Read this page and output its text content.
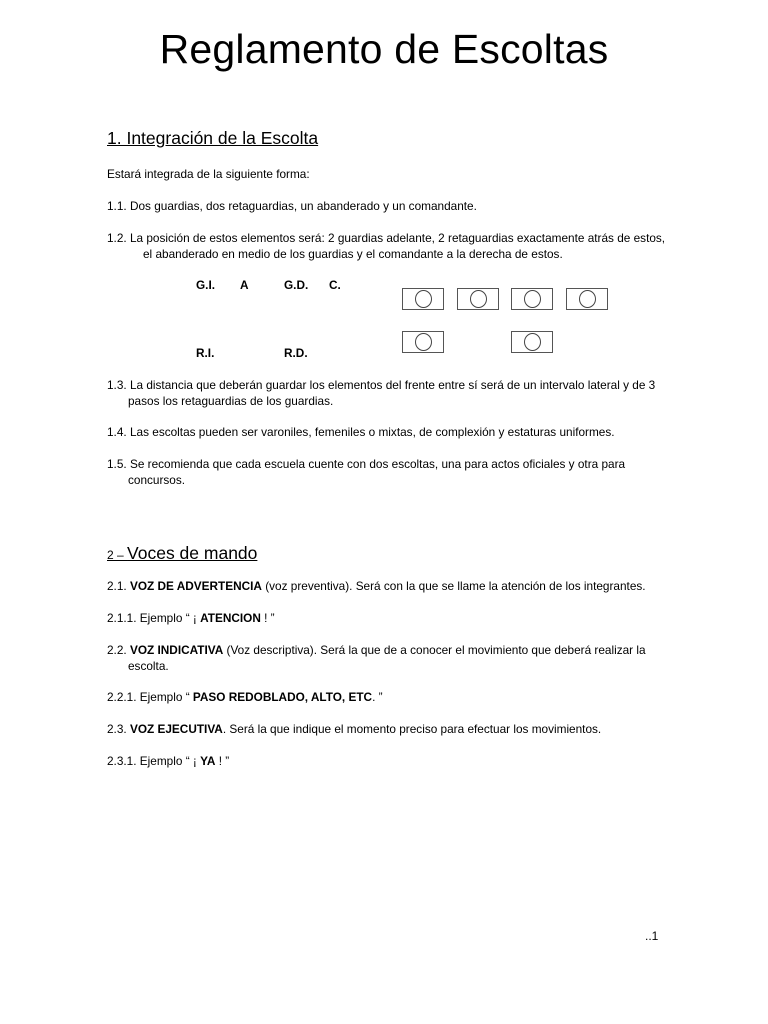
Reglamento de Escoltas
1. Integración de la Escolta

Estará integrada de la siguiente forma:

1.1. Dos guardias, dos retaguardias, un abanderado y un comandante.

1.2. La posición de estos elementos será: 2 guardias adelante, 2 retaguardias exactamente atrás de estos,
el abanderado en medio de los guardias y el comandante a la derecha de estos.

G.I. A	G.D. C.
R.I.	R.D.

1.3. La distancia que deberán guardar los elementos del frente entre sí será de un intervalo lateral y de 3
pasos los retaguardias de los guardias.

1.4. Las escoltas pueden ser varoniles, femeniles o mixtas, de complexión y estaturas uniformes.

1.5. Se recomienda que cada escuela cuente con dos escoltas, una para actos oficiales y otra para
concursos.

2 – Voces de mando

2.1. VOZ DE ADVERTENCIA (voz preventiva). Será con la que se llame la atención de los integrantes.

2.1.1. Ejemplo “ ¡ ATENCION ! ”

2.2. VOZ INDICATIVA (Voz descriptiva). Será la que de a conocer el movimiento que deberá realizar la
escolta.

2.2.1. Ejemplo “ PASO REDOBLADO, ALTO, ETC. ”

2.3. VOZ EJECUTIVA. Será la que indique el momento preciso para efectuar los movimientos.

2.3.1. Ejemplo “ ¡ YA ! ”

..1
